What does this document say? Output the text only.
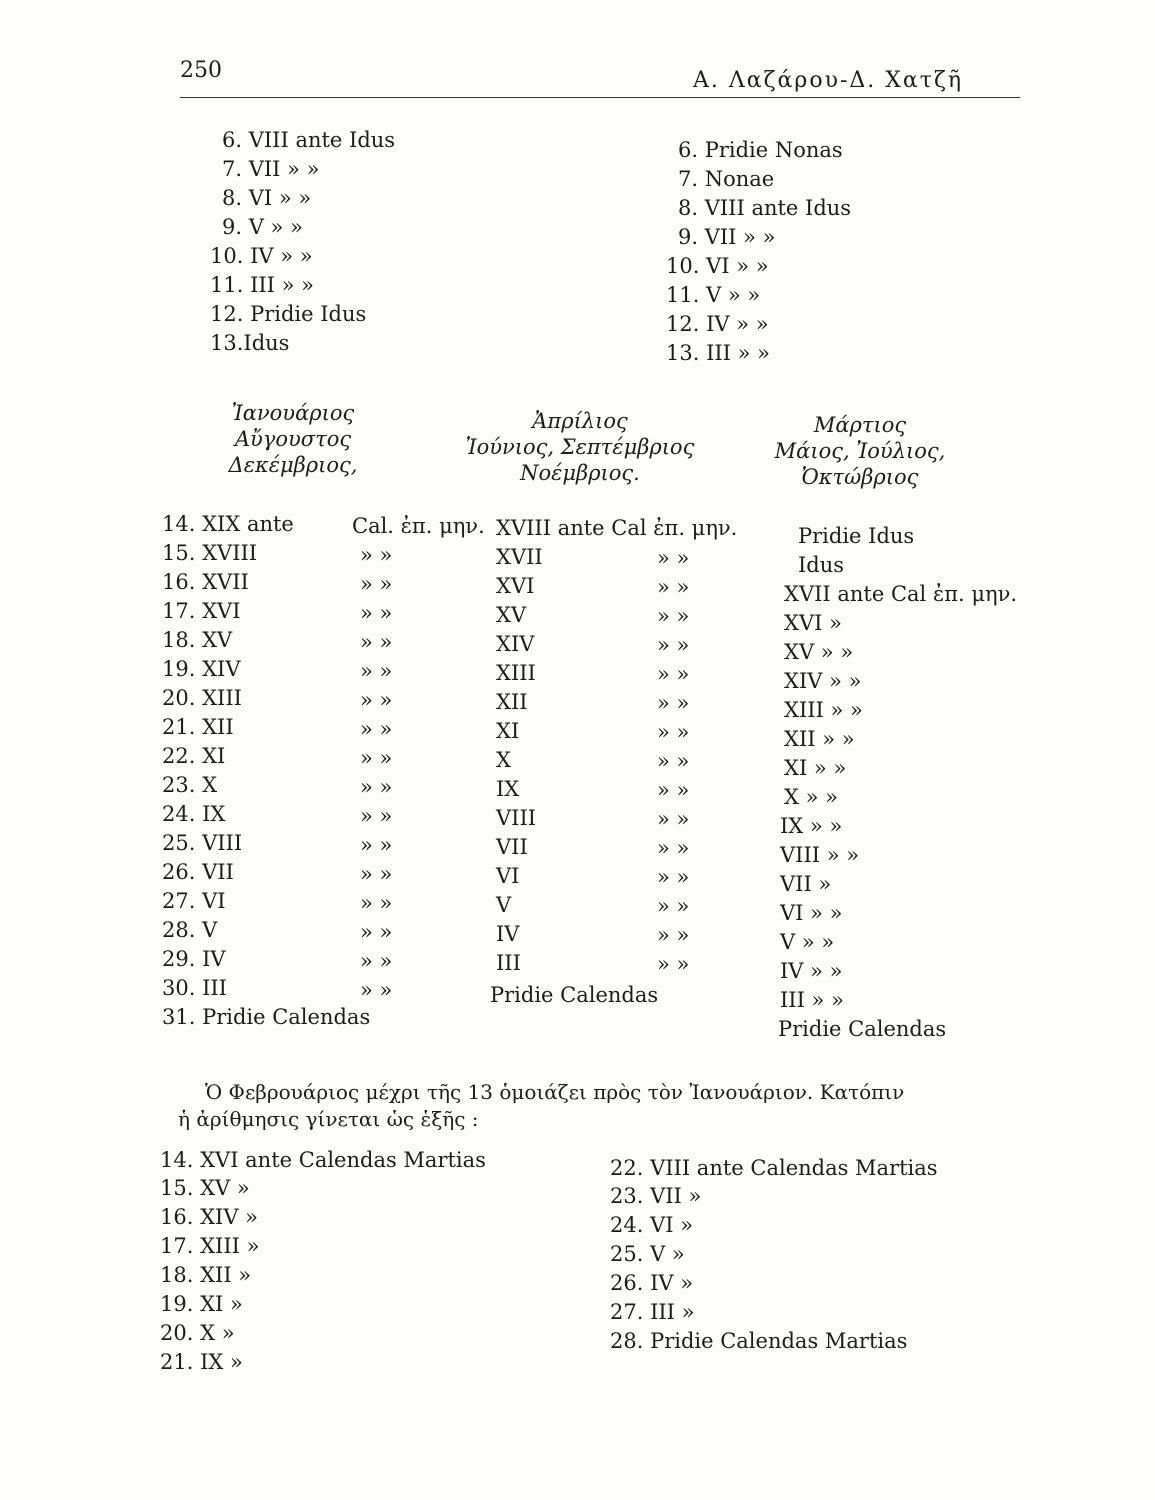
250	Α. Λαζάρου-Δ. Χατζῆ
6. VIII ante Idus
7. VII » »
8. VI » »
9. V » »
10. IV » »
11. III » »
12. Pridie Idus
13.Idus
6. Pridie Nonas
7. Nonae
8. VIII ante Idus
9. VII » »
10. VI » »
11. V » »
12. IV » »
13. III » »
Ἰανουάριος
Αὔγουστος
Δεκέμβριος,
Ἀπρίλιος
Ἰούνιος, Σεπτέμβριος
Νοέμβριος.
Μάρτιος
Μάιος, Ἰούλιος,
Ὀκτώβριος
14. XIX ante
15. XVIII
16. XVII
17. XVI
18. XV
19. XIV
20. XIII
21. XII
22. XI
23. X
24. IX
25. VIII
26. VII
27. VI
28. V
29. IV
30. III
31. Pridie Calendas
Cal. ἐπ. μην.
» »
» »
» »
» »
» »
» »
» »
» »
» »
» »
» »
» »
» »
» »
» »
» »
XVIII ante Cal ἐπ. μην.
XVII
XVI
XV
XIV
XIII
XII
XI
X
IX
VIII
VII
VI
V
IV
III
Pridie Calendas
» »
» »
» »
» »
» »
» »
» »
» »
» »
» »
» »
» »
» »
» »
» »
Pridie Idus
Idus
XVII ante Cal ἐπ. μην.
XVI »
XV » »
XIV » »
XIII » »
XII » »
XI » »
X » »
IX » »
VIII » »
VII »
VI » »
V » »
IV » »
III » »
Pridie Calendas
Ὁ Φεβρουάριος μέχρι τῆς 13 ὁμοιάζει πρὸς τὸν Ἰανουάριον. Κατόπιν
ἡ ἀρίθμησις γίνεται ὡς ἑξῆς :
14. XVI ante Calendas Martias
15. XV »
16. XIV »
17. XIII »
18. XII »
19. XI »
20. X »
21. IX »
22. VIII ante Calendas Martias
23. VII »
24. VI »
25. V »
26. IV »
27. III »
28. Pridie Calendas Martias
